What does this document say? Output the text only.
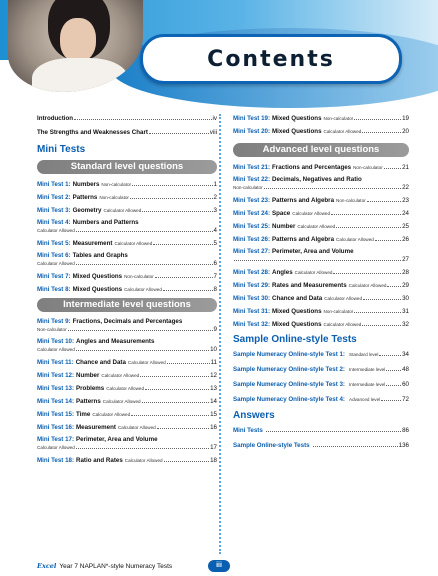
Contents
Introduction	iv
The Strengths and Weaknesses Chart	viii
Mini Tests
Standard level questions
Mini Test 1: Numbers Non-calculator	1
Mini Test 2: Patterns Non-calculator	2
Mini Test 3: Geometry Calculator Allowed	3
Mini Test 4: Numbers and Patterns
Calculator Allowed	4
Mini Test 5: Measurement Calculator Allowed	5
Mini Test 6: Tables and Graphs
Calculator Allowed	6
Mini Test 7: Mixed Questions Non-calculator	7
Mini Test 8: Mixed Questions Calculator Allowed	8
Intermediate level questions
Mini Test 9: Fractions, Decimals and Percentages
Non-calculator	9
Mini Test 10: Angles and Measurements
Calculator Allowed	10
Mini Test 11: Chance and Data Calculator Allowed	11
Mini Test 12: Number Calculator Allowed	12
Mini Test 13: Problems Calculator Allowed	13
Mini Test 14: Patterns Calculator Allowed	14
Mini Test 15: Time Calculator Allowed	15
Mini Test 16: Measurement Calculator Allowed	16
Mini Test 17: Perimeter, Area and Volume
Calculator Allowed	17
Mini Test 18: Ratio and Rates Calculator Allowed	18
Mini Test 19: Mixed Questions Non-calculator	19
Mini Test 20: Mixed Questions Calculator Allowed	20
Advanced level questions
Mini Test 21: Fractions and Percentages Non-calculator	21
Mini Test 22: Decimals, Negatives and Ratio
Non-calculator	22
Mini Test 23: Patterns and Algebra Non-calculator	23
Mini Test 24: Space Calculator Allowed	24
Mini Test 25: Number Calculator Allowed	25
Mini Test 26: Patterns and Algebra Calculator Allowed	26
Mini Test 27: Perimeter, Area and Volume
27
Mini Test 28: Angles Calculator Allowed	28
Mini Test 29: Rates and Measurements Calculator Allowed	29
Mini Test 30: Chance and Data Calculator Allowed	30
Mini Test 31: Mixed Questions Non-calculator	31
Mini Test 32: Mixed Questions Calculator Allowed	32
Sample Online-style Tests
Sample Numeracy Online-style Test 1: Standard level	34
Sample Numeracy Online-style Test 2: Intermediate level	48
Sample Numeracy Online-style Test 3: Intermediate level	60
Sample Numeracy Online-style Test 4: Advanced level	72
Answers
Mini Tests	86
Sample Online-style Tests	136
Excel Year 7 NAPLAN*-style Numeracy Tests	iii
